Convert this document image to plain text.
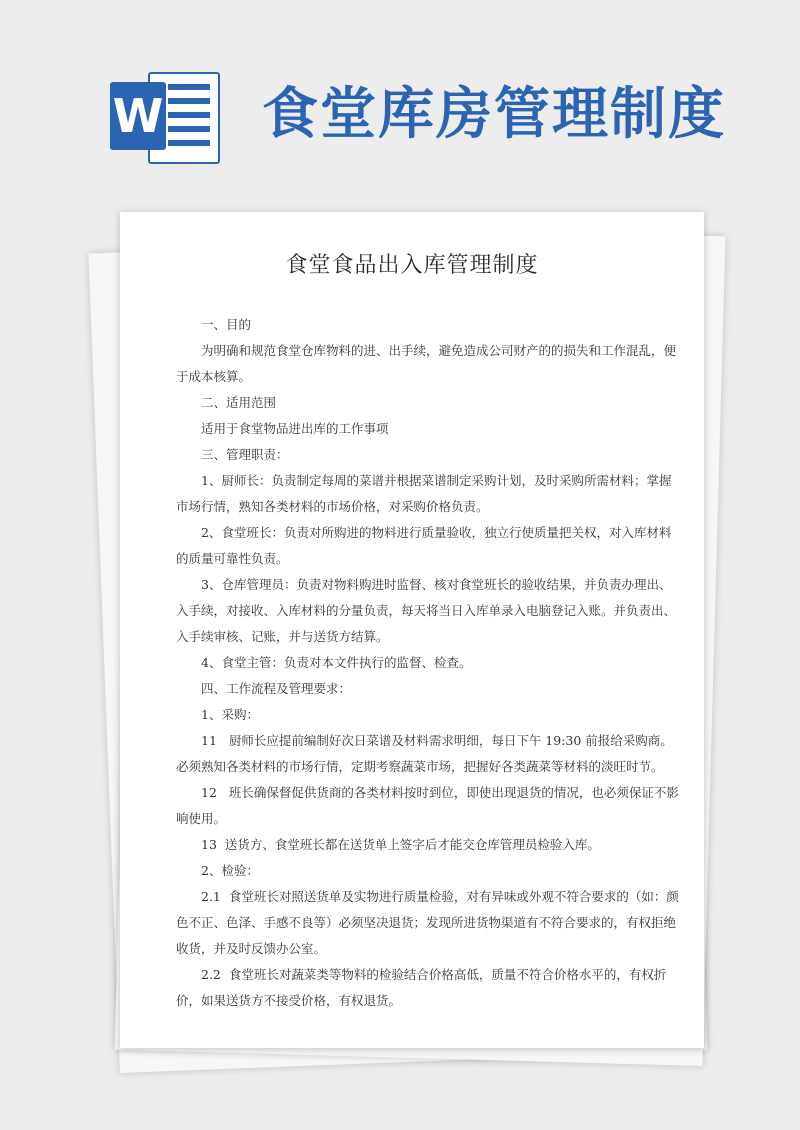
W 食堂库房管理制度
食堂食品出入库管理制度

一、目的

为明确和规范食堂仓库物料的进、出手续，避免造成公司财产的的损失和工作混乱，便于成本核算。

二、适用范围

适用于食堂物品进出库的工作事项

三、管理职责：

1、厨师长：负责制定每周的菜谱并根据菜谱制定采购计划，及时采购所需材料；掌握市场行情，熟知各类材料的市场价格，对采购价格负责。

2、食堂班长：负责对所购进的物料进行质量验收，独立行使质量把关权，对入库材料的质量可靠性负责。

3、仓库管理员：负责对物料购进时监督、核对食堂班长的验收结果，并负责办理出、入手续，对接收、入库材料的分量负责，每天将当日入库单录入电脑登记入账。并负责出、入手续审核、记账，并与送货方结算。

4、食堂主管：负责对本文件执行的监督、检查。

四、工作流程及管理要求：

1、采购：

11   厨师长应提前编制好次日菜谱及材料需求明细，每日下午 19:30 前报给采购商。必须熟知各类材料的市场行情，定期考察蔬菜市场，把握好各类蔬菜等材料的淡旺时节。

12   班长确保督促供货商的各类材料按时到位，即使出现退货的情况，也必须保证不影响使用。

13  送货方、食堂班长都在送货单上签字后才能交仓库管理员检验入库。

2、检验：

2.1  食堂班长对照送货单及实物进行质量检验，对有异味或外观不符合要求的（如：颜色不正、色泽、手感不良等）必须坚决退货；发现所进货物渠道有不符合要求的，有权拒绝收货，并及时反馈办公室。

2.2  食堂班长对蔬菜类等物料的检验结合价格高低，质量不符合价格水平的，有权折价，如果送货方不接受价格，有权退货。
